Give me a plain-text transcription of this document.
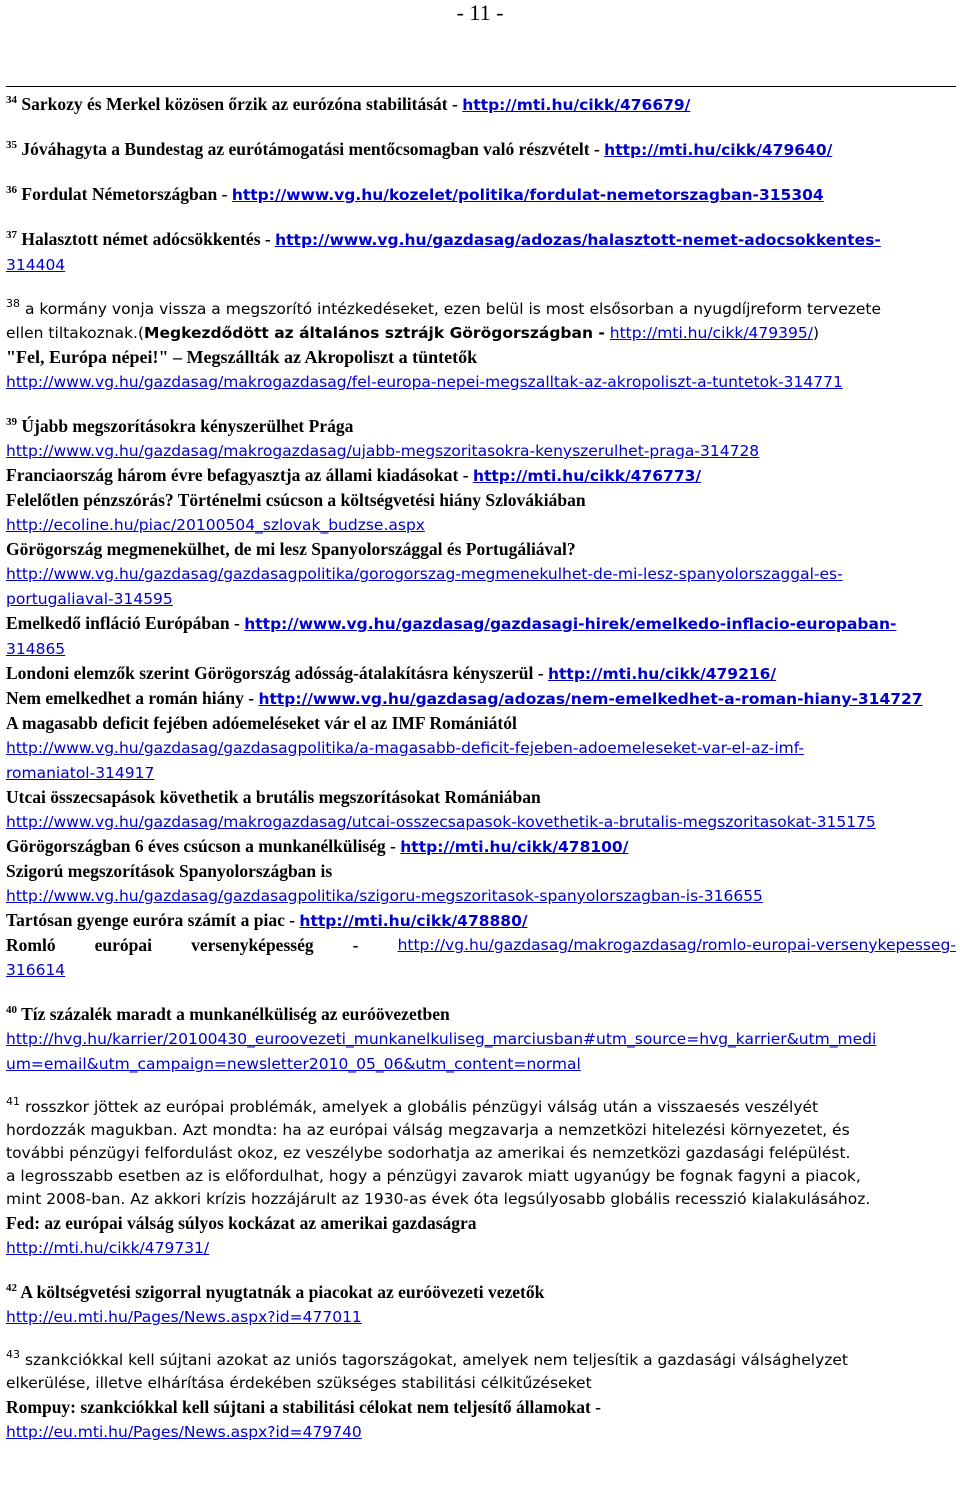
- 11 -
$^{34}$ Sarkozy és Merkel közösen őrzik az eurózóna stabilitását - http://mti.hu/cikk/476679/
$^{35}$ Jóváhagyta a Bundestag az eurótámogatási mentőcsomagban való részvételt - http://mti.hu/cikk/479640/
$^{36}$ Fordulat Németországban - http://www.vg.hu/kozelet/politika/fordulat-nemetorszagban-315304
$^{37}$ Halasztott német adócsökkentés - http://www.vg.hu/gazdasag/adozas/halasztott-nemet-adocsokkentes-
314404
$^{38}$ a kormány vonja vissza a megszorító intézkedéseket, ezen belül is most elsősorban a nyugdíjreform tervezete
ellen tiltakoznak.(Megkezdődött az általános sztrájk Görögországban - http://mti.hu/cikk/479395/)
"Fel, Európa népei!" – Megszállták az Akropoliszt a tüntetők
http://www.vg.hu/gazdasag/makrogazdasag/fel-europa-nepei-megszalltak-az-akropoliszt-a-tuntetok-314771
$^{39}$ Újabb megszorításokra kényszerülhet Prága
http://www.vg.hu/gazdasag/makrogazdasag/ujabb-megszoritasokra-kenyszerulhet-praga-314728
Franciaország három évre befagyasztja az állami kiadásokat - http://mti.hu/cikk/476773/
Felelőtlen pénzszórás? Történelmi csúcson a költségvetési hiány Szlovákiában
http://ecoline.hu/piac/20100504_szlovak_budzse.aspx
Görögország megmenekülhet, de mi lesz Spanyolországgal és Portugáliával?
http://www.vg.hu/gazdasag/gazdasagpolitika/gorogorszag-megmenekulhet-de-mi-lesz-spanyolorszaggal-es-
portugaliaval-314595
Emelkedő infláció Európában - http://www.vg.hu/gazdasag/gazdasagi-hirek/emelkedo-inflacio-europaban-
314865
Londoni elemzők szerint Görögország adósság-átalakításra kényszerül - http://mti.hu/cikk/479216/
Nem emelkedhet a román hiány - http://www.vg.hu/gazdasag/adozas/nem-emelkedhet-a-roman-hiany-314727
A magasabb deficit fejében adóemeléseket vár el az IMF Romániától
http://www.vg.hu/gazdasag/gazdasagpolitika/a-magasabb-deficit-fejeben-adoemeleseket-var-el-az-imf-
romaniatol-314917
Utcai összecsapások követhetik a brutális megszorításokat Romániában
http://www.vg.hu/gazdasag/makrogazdasag/utcai-osszecsapasok-kovethetik-a-brutalis-megszoritasokat-315175
Görögországban 6 éves csúcson a munkanélküliség - http://mti.hu/cikk/478100/
Szigorú megszorítások Spanyolországban is
http://www.vg.hu/gazdasag/gazdasagpolitika/szigoru-megszoritasok-spanyolorszagban-is-316655
Tartósan gyenge euróra számít a piac - http://mti.hu/cikk/478880/
Romló európai versenyképesség -	http://vg.hu/gazdasag/makrogazdasag/romlo-europai-versenykepesseg-
316614
$^{40}$ Tíz százalék maradt a munkanélküliség az euróövezetben
http://hvg.hu/karrier/20100430_euroovezeti_munkanelkuliseg_marciusban#utm_source=hvg_karrier&utm_medi
um=email&utm_campaign=newsletter2010_05_06&utm_content=normal
$^{41}$ rosszkor jöttek az európai problémák, amelyek a globális pénzügyi válság után a visszaesés veszélyét
hordozzák magukban. Azt mondta: ha az európai válság megzavarja a nemzetközi hitelezési környezetet, és
további pénzügyi felfordulást okoz, ez veszélybe sodorhatja az amerikai és nemzetközi gazdasági felépülést.
a legrosszabb esetben az is előfordulhat, hogy a pénzügyi zavarok miatt ugyanúgy be fognak fagyni a piacok,
mint 2008-ban. Az akkori krízis hozzájárult az 1930-as évek óta legsúlyosabb globális recesszió kialakulásához.
Fed: az európai válság súlyos kockázat az amerikai gazdaságra
http://mti.hu/cikk/479731/
$^{42}$ A költségvetési szigorral nyugtatnák a piacokat az euróövezeti vezetők
http://eu.mti.hu/Pages/News.aspx?id=477011
$^{43}$ szankciókkal kell sújtani azokat az uniós tagországokat, amelyek nem teljesítik a gazdasági válsághelyzet
elkerülése, illetve elhárítása érdekében szükséges stabilitási célkitűzéseket
Rompuy: szankciókkal kell sújtani a stabilitási célokat nem teljesítő államokat -
http://eu.mti.hu/Pages/News.aspx?id=479740
